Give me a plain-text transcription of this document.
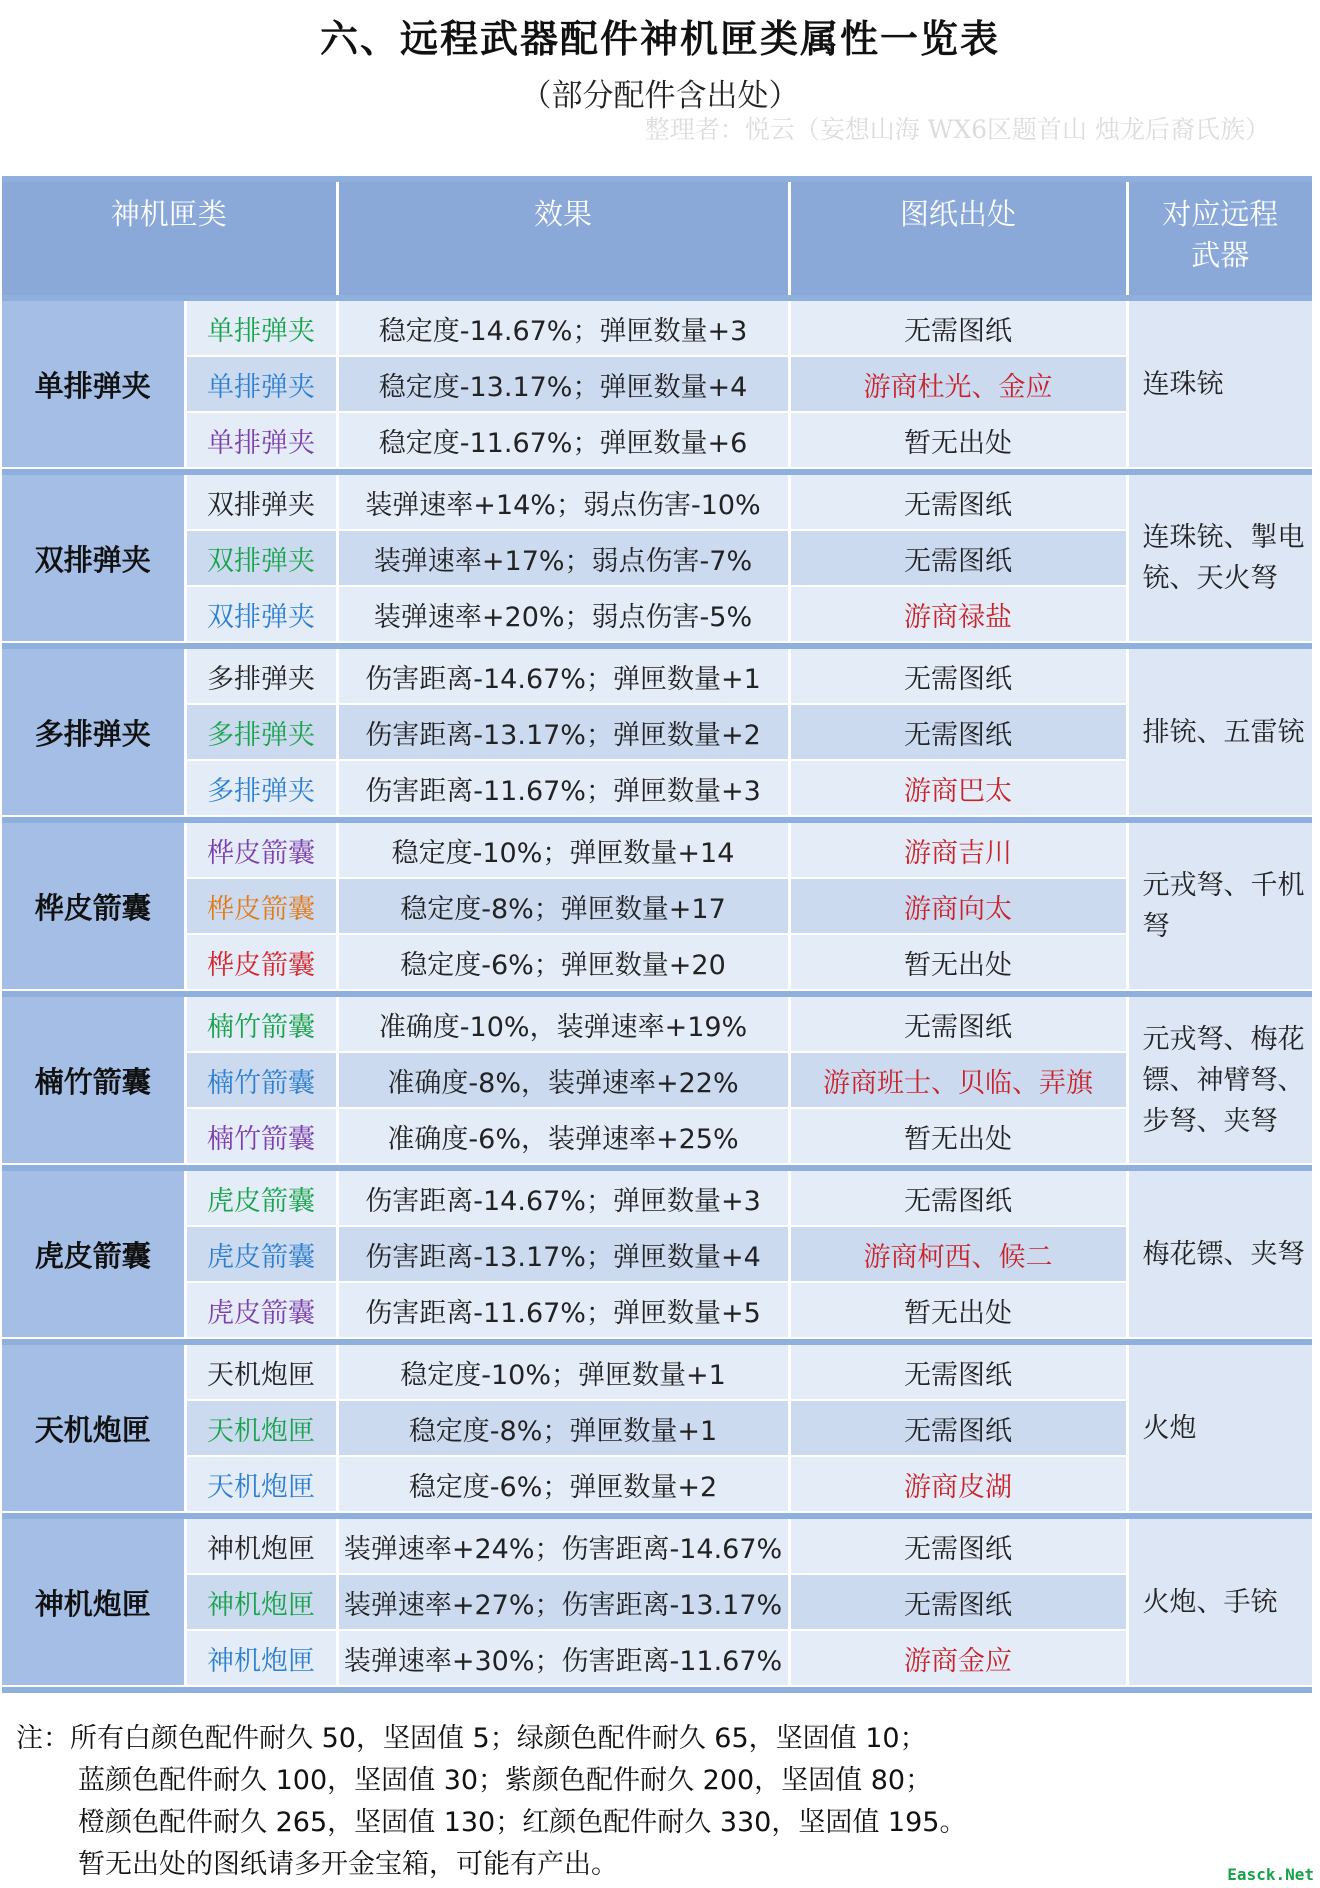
六、远程武器配件神机匣类属性一览表
（部分配件含出处）
整理者：悦云（妄想山海 WX6区题首山 烛龙后裔氏族）
神机匣类		效果	图纸出处	对应远程武器

单排弹夹	单排弹夹	稳定度-14.67%；弹匣数量+3	无需图纸	连珠铳
	单排弹夹	稳定度-13.17%；弹匣数量+4	游商杜光、金应	
	单排弹夹	稳定度-11.67%；弹匣数量+6	暂无出处	

双排弹夹	双排弹夹	装弹速率+14%；弱点伤害-10%	无需图纸	连珠铳、掣电铳、天火弩
	双排弹夹	装弹速率+17%；弱点伤害-7%	无需图纸	
	双排弹夹	装弹速率+20%；弱点伤害-5%	游商禄盐	

多排弹夹	多排弹夹	伤害距离-14.67%；弹匣数量+1	无需图纸	排铳、五雷铳
	多排弹夹	伤害距离-13.17%；弹匣数量+2	无需图纸	
	多排弹夹	伤害距离-11.67%；弹匣数量+3	游商巴太	

桦皮箭囊	桦皮箭囊	稳定度-10%；弹匣数量+14	游商吉川	元戎弩、千机弩
	桦皮箭囊	稳定度-8%；弹匣数量+17	游商向太	
	桦皮箭囊	稳定度-6%；弹匣数量+20	暂无出处	

楠竹箭囊	楠竹箭囊	准确度-10%，装弹速率+19%	无需图纸	元戎弩、梅花镖、神臂弩、步弩、夹弩
	楠竹箭囊	准确度-8%，装弹速率+22%	游商班士、贝临、弄旗	
	楠竹箭囊	准确度-6%，装弹速率+25%	暂无出处	

虎皮箭囊	虎皮箭囊	伤害距离-14.67%；弹匣数量+3	无需图纸	梅花镖、夹弩
	虎皮箭囊	伤害距离-13.17%；弹匣数量+4	游商柯西、候二	
	虎皮箭囊	伤害距离-11.67%；弹匣数量+5	暂无出处	

天机炮匣	天机炮匣	稳定度-10%；弹匣数量+1	无需图纸	火炮
	天机炮匣	稳定度-8%；弹匣数量+1	无需图纸	
	天机炮匣	稳定度-6%；弹匣数量+2	游商皮湖	

神机炮匣	神机炮匣	装弹速率+24%；伤害距离-14.67%	无需图纸	火炮、手铳
	神机炮匣	装弹速率+27%；伤害距离-13.17%	无需图纸	
	神机炮匣	装弹速率+30%；伤害距离-11.67%	游商金应	
注：所有白颜色配件耐久 50，坚固值 5；绿颜色配件耐久 65，坚固值 10；
蓝颜色配件耐久 100，坚固值 30；紫颜色配件耐久 200，坚固值 80；
橙颜色配件耐久 265，坚固值 130；红颜色配件耐久 330，坚固值 195。
暂无出处的图纸请多开金宝箱，可能有产出。	Easck.Net
